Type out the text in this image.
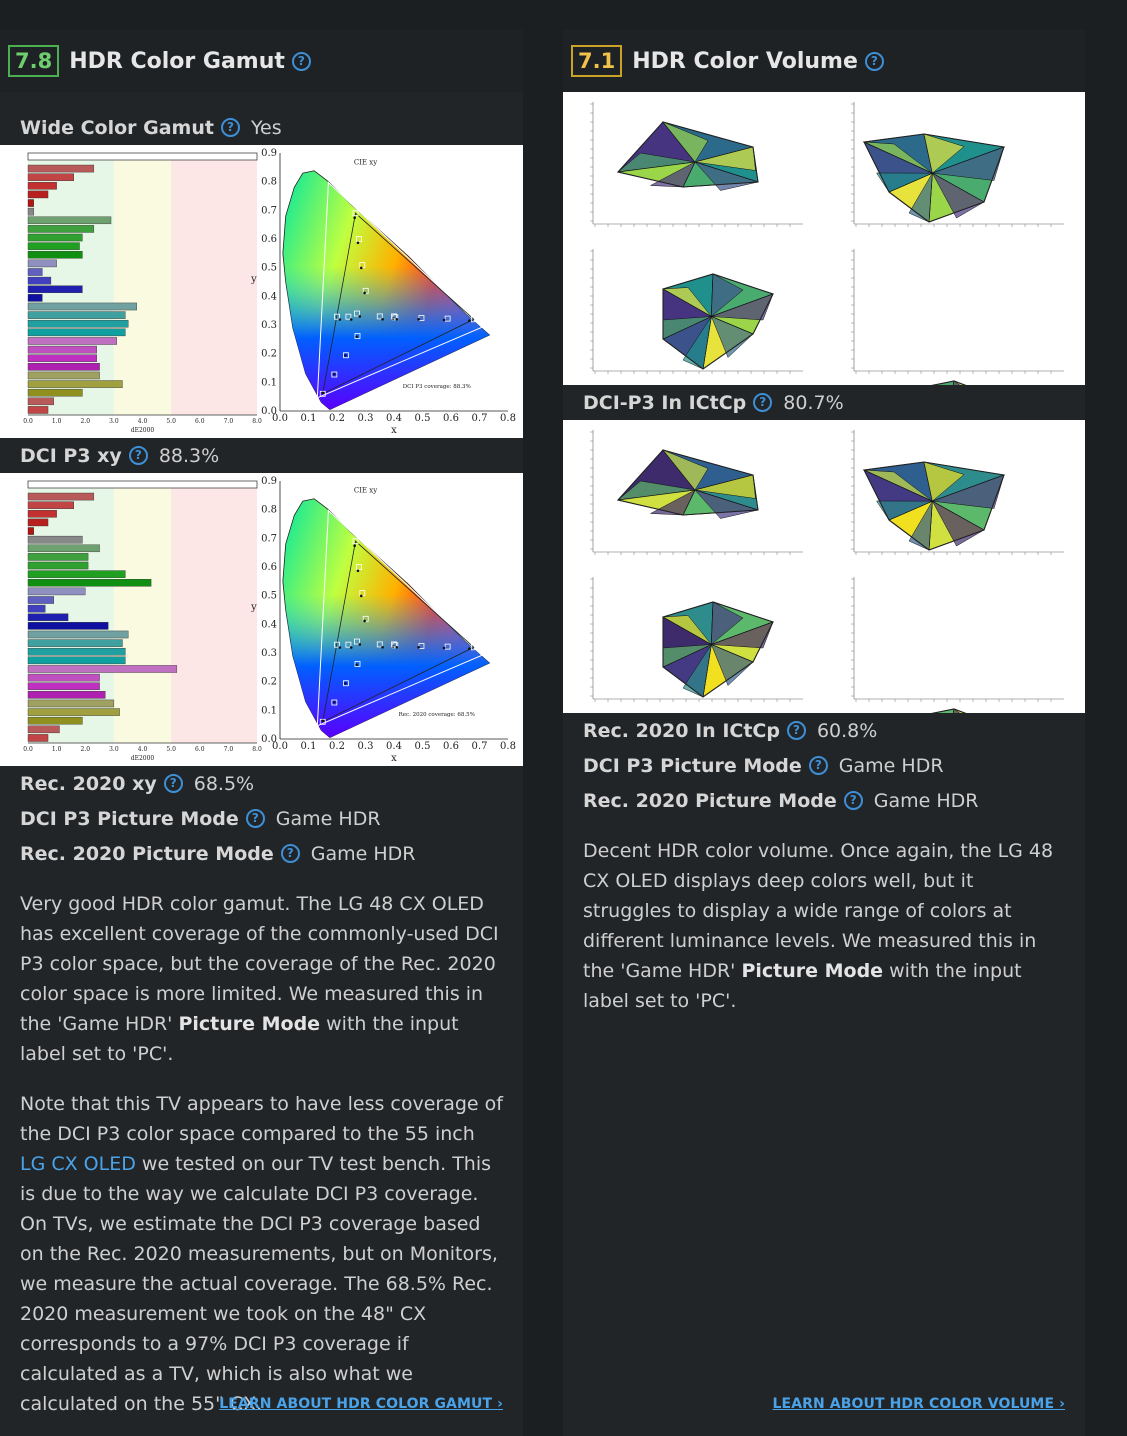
7.8 HDR Color Gamut	?
Wide Color Gamut	? Yes
0.0	1.0	2.0	3.0	4.0	5.0	6.0	7.0	8.0
dE2000
0.0 0.1 0.2 0.3 0.4 0.5 0.6 0.7 0.8
0.0
0.1
0.2
0.3
0.4
0.5
0.6
0.7
0.8
0.9
x
y
CIE xy
DCI P3 coverage: 88.3%
DCI P3 xy	? 88.3%
0.0	1.0	2.0	3.0	4.0	5.0	6.0	7.0	8.0
dE2000
0.0 0.1 0.2 0.3 0.4 0.5 0.6 0.7 0.8
0.0
0.1
0.2
0.3
0.4
0.5
0.6
0.7
0.8
0.9
x
y
CIE xy
Rec. 2020 coverage: 68.5%
Rec. 2020 xy	? 68.5%
DCI P3 Picture Mode	? Game HDR
Rec. 2020 Picture Mode	? Game HDR

Very good HDR color gamut. The LG 48 CX OLED has excellent coverage of the commonly-used DCI P3 color space, but the coverage of the Rec. 2020 color space is more limited. We measured this in the 'Game HDR' Picture Mode with the input label set to 'PC'.

Note that this TV appears to have less coverage of the DCI P3 color space compared to the 55 inch LG CX OLED we tested on our TV test bench. This is due to the way we calculate DCI P3 coverage. On TVs, we estimate the DCI P3 coverage based on the Rec. 2020 measurements, but on Monitors, we measure the actual coverage. The 68.5% Rec. 2020 measurement we took on the 48" CX corresponds to a 97% DCI P3 coverage if calculated as a TV, which is also what we calculated on the 55" CX.

LEARN ABOUT HDR COLOR GAMUT ›
7.1 HDR Color Volume	?
DCI-P3 In ICtCp	? 80.7%
Rec. 2020 In ICtCp	? 60.8%
DCI P3 Picture Mode	? Game HDR
Rec. 2020 Picture Mode	? Game HDR

Decent HDR color volume. Once again, the LG 48 CX OLED displays deep colors well, but it struggles to display a wide range of colors at different luminance levels. We measured this in the 'Game HDR' Picture Mode with the input label set to 'PC'.

LEARN ABOUT HDR COLOR VOLUME ›
